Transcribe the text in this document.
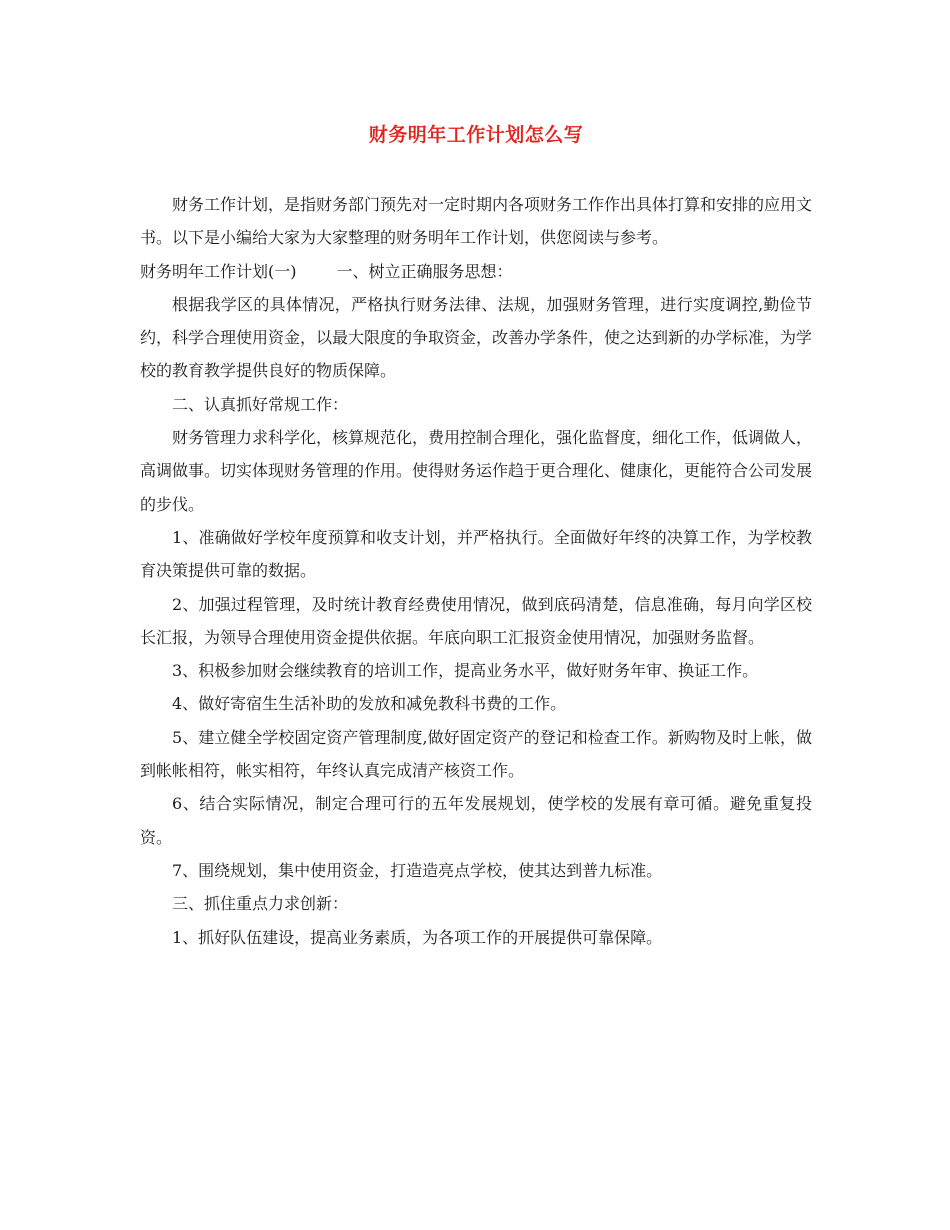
财务明年工作计划怎么写

财务工作计划，是指财务部门预先对一定时期内各项财务工作作出具体打算和安排的应用文书。以下是小编给大家为大家整理的财务明年工作计划，供您阅读与参考。

财务明年工作计划(一)	一、树立正确服务思想：

根据我学区的具体情况，严格执行财务法律、法规，加强财务管理，进行实度调控,勤俭节约，科学合理使用资金，以最大限度的争取资金，改善办学条件，使之达到新的办学标准，为学校的教育教学提供良好的物质保障。

二、认真抓好常规工作：

财务管理力求科学化，核算规范化，费用控制合理化，强化监督度，细化工作，低调做人，高调做事。切实体现财务管理的作用。使得财务运作趋于更合理化、健康化，更能符合公司发展的步伐。

1、准确做好学校年度预算和收支计划，并严格执行。全面做好年终的决算工作，为学校教育决策提供可靠的数据。

2、加强过程管理，及时统计教育经费使用情况，做到底码清楚，信息准确，每月向学区校长汇报，为领导合理使用资金提供依据。年底向职工汇报资金使用情况，加强财务监督。

3、积极参加财会继续教育的培训工作，提高业务水平，做好财务年审、换证工作。

4、做好寄宿生生活补助的发放和减免教科书费的工作。

5、建立健全学校固定资产管理制度,做好固定资产的登记和检查工作。新购物及时上帐，做到帐帐相符，帐实相符，年终认真完成清产核资工作。

6、结合实际情况，制定合理可行的五年发展规划，使学校的发展有章可循。避免重复投资。

7、围绕规划，集中使用资金，打造造亮点学校，使其达到普九标准。

三、抓住重点力求创新：

1、抓好队伍建设，提高业务素质，为各项工作的开展提供可靠保障。
